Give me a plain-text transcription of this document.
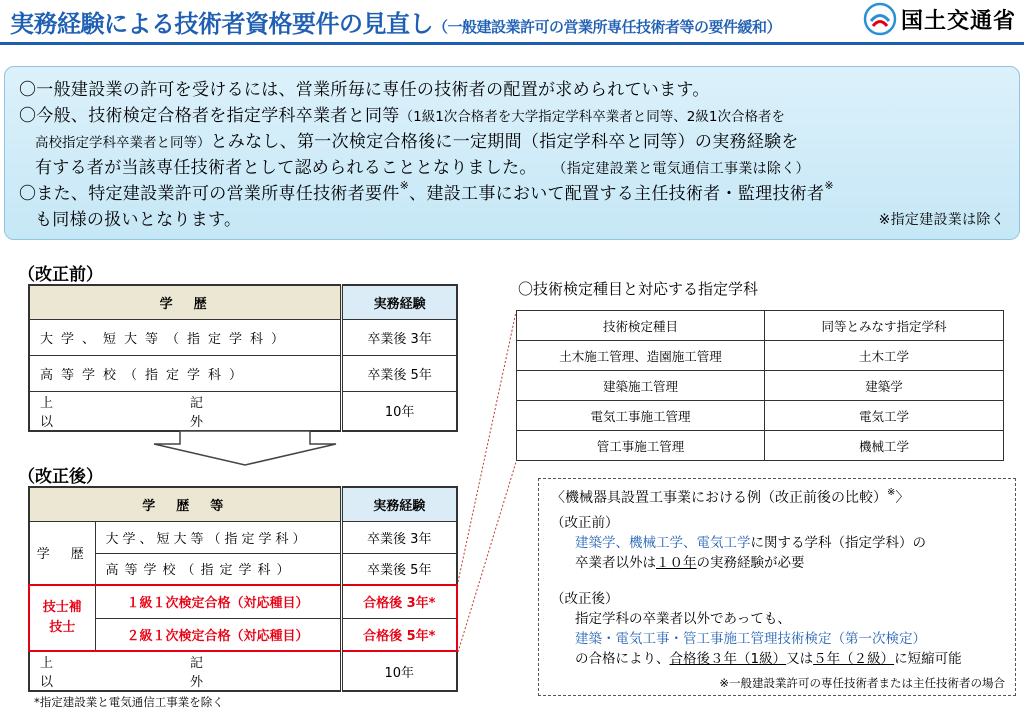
実務経験による技術者資格要件の見直し（一般建設業許可の営業所専任技術者等の要件緩和）	国土交通省
〇一般建設業の許可を受けるには、営業所毎に専任の技術者の配置が求められています。
〇今般、技術検定合格者を指定学科卒業者と同等（1級1次合格者を大学指定学科卒業者と同等、2級1次合格者を
高校指定学科卒業者と同等）とみなし、第一次検定合格後に一定期間（指定学科卒と同等）の実務経験を
有する者が当該専任技術者として認められることとなりました。 （指定建設業と電気通信工事業は除く）
〇また、特定建設業許可の営業所専任技術者要件※、建設工事において配置する主任技術者・監理技術者※
も同様の扱いとなります。	※指定建設業は除く
（改正前）
学　歴	実務経験
大学、短大等（指定学科）	卒業後 3年
高等学校（指定学科）	卒業後 5年
上　記　以　外	10年
（改正後）
学　歴　等		実務経験
学　歴	大学、短大等（指定学科）	卒業後 3年
	高等学校（指定学科）	卒業後 5年

技士補
技士	１級１次検定合格（対応種目）	合格後 3年*
	２級１次検定合格（対応種目）	合格後 5年*
上　記　以　外		10年
〇技術検定種目と対応する指定学科
技術検定種目	同等とみなす指定学科
土木施工管理、造園施工管理	土木工学
建築施工管理	建築学
電気工事施工管理	電気工学
管工事施工管理	機械工学
〈機械器具設置工事業における例（改正前後の比較）※〉
（改正前）
建築学、機械工学、電気工学に関する学科（指定学科）の
卒業者以外は１０年の実務経験が必要
（改正後）
指定学科の卒業者以外であっても、
建築・電気工事・管工事施工管理技術検定（第一次検定）
の合格により、合格後３年（1級）又は５年（２級）に短縮可能
※一般建設業許可の専任技術者または主任技術者の場合
*指定建設業と電気通信工事業を除く
